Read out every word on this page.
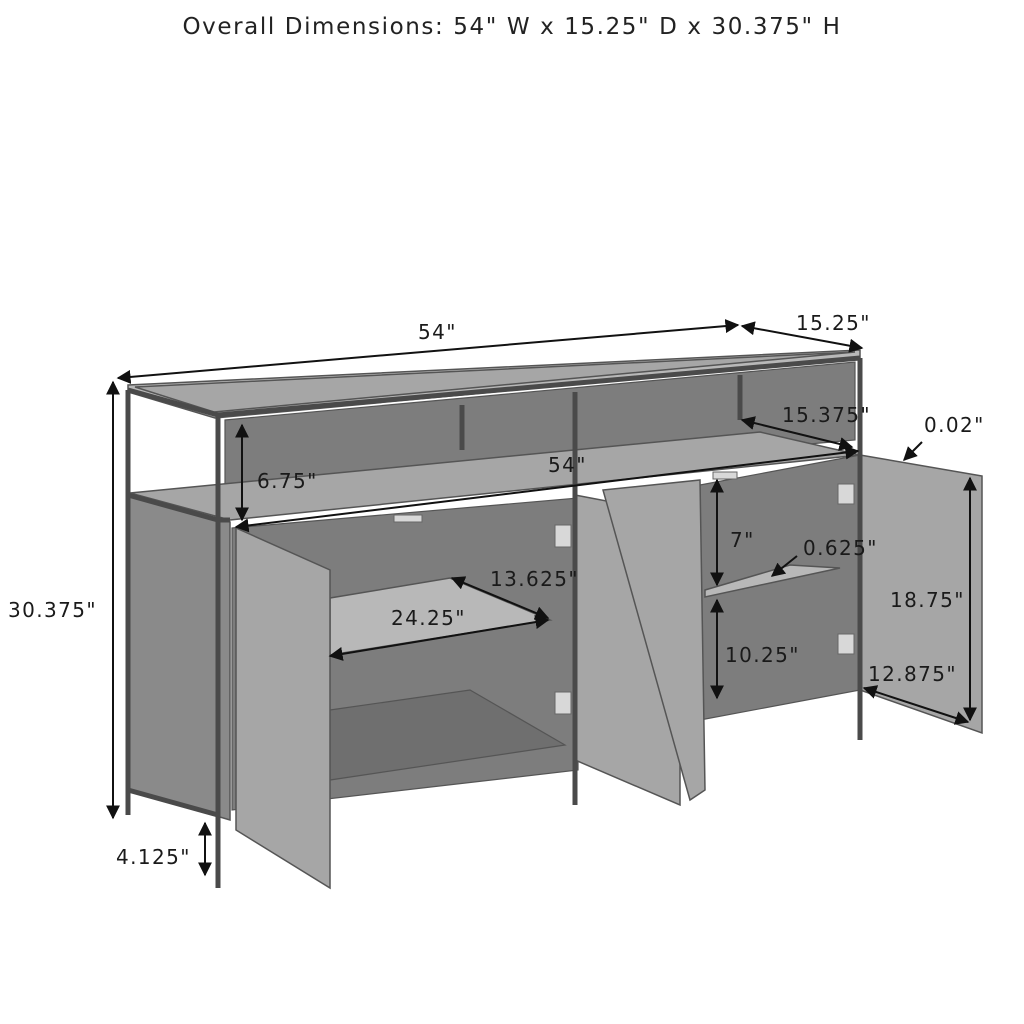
Overall Dimensions: 54" W x 15.25" D x 30.375" H
54"	15.25"
30.375"
6.75"
54"
15.375"	0.02"
4.125"
24.25"
13.625"
7" 0.625"
10.25"
18.75"
12.875"
